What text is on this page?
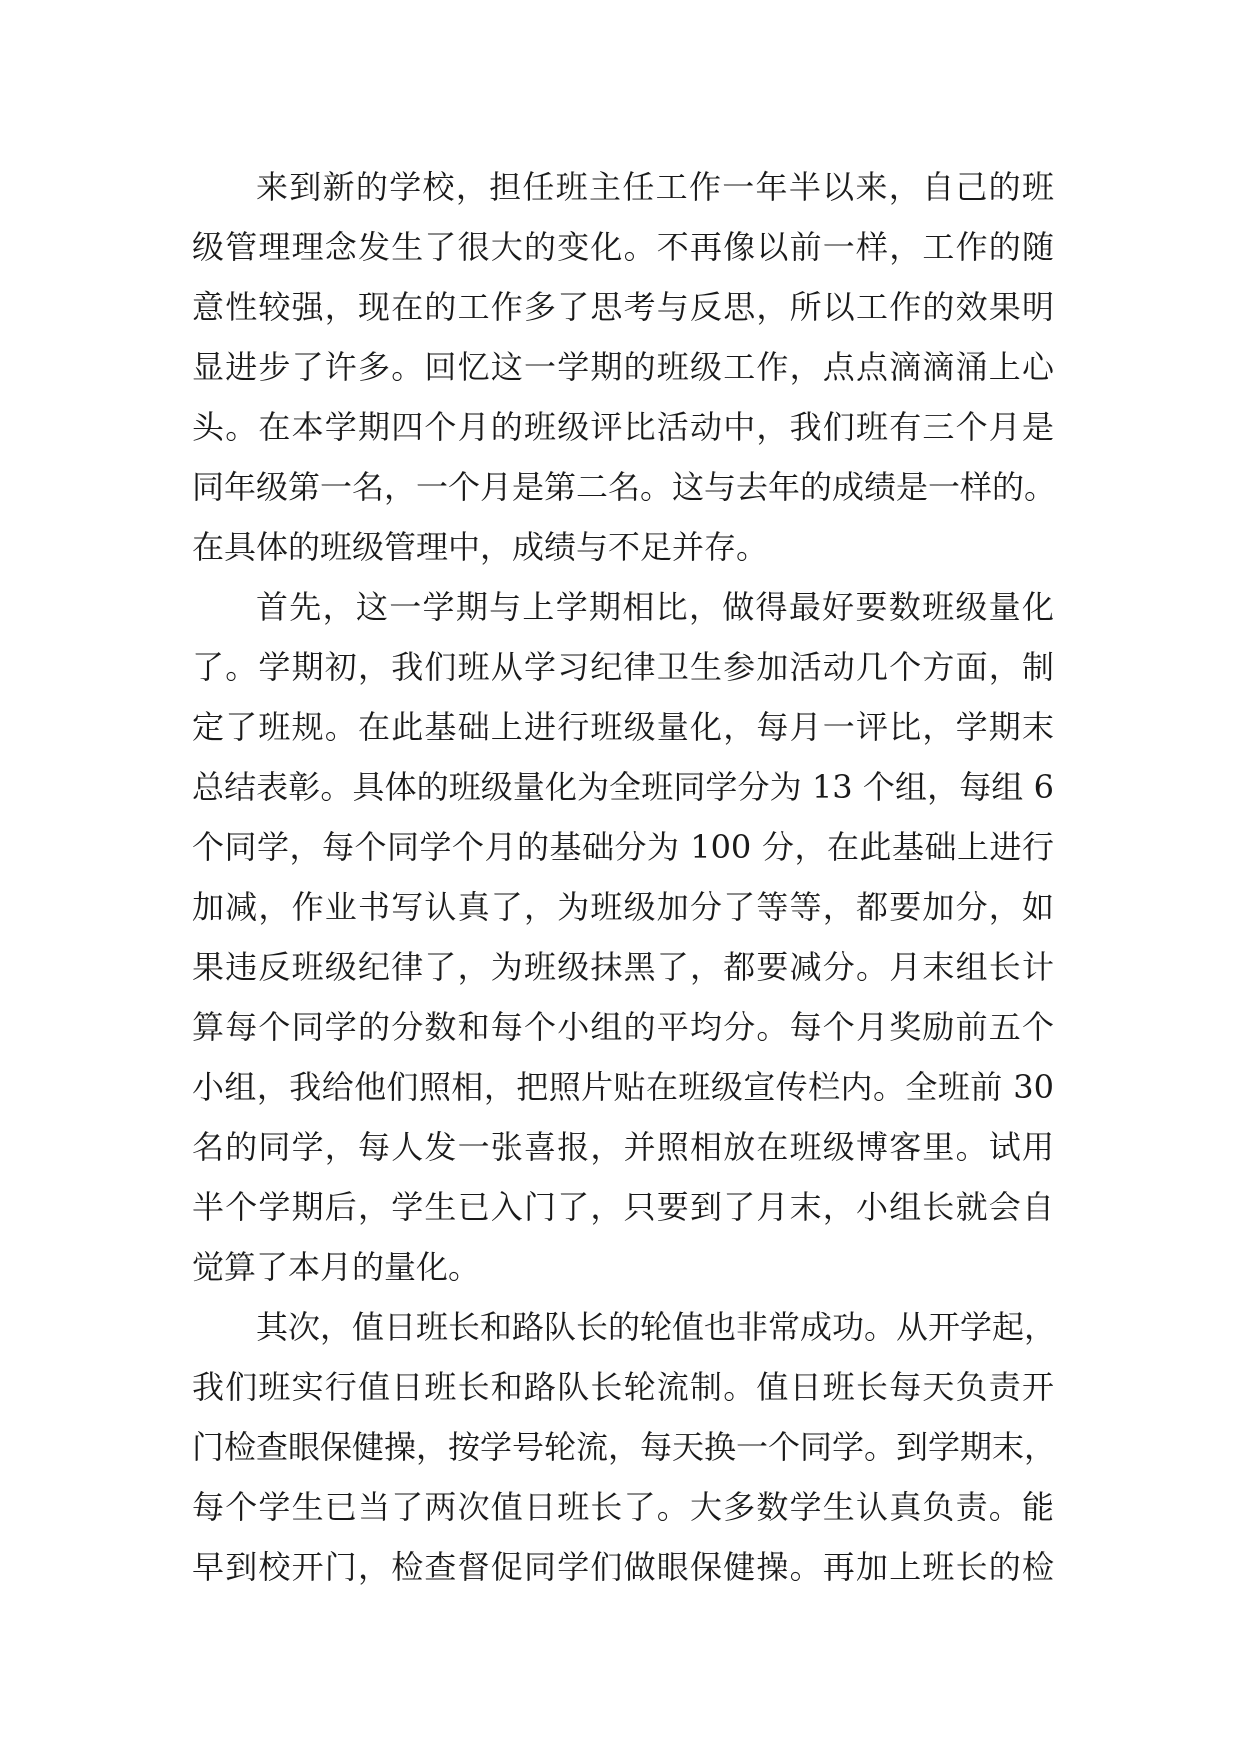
来到新的学校，担任班主任工作一年半以来，自己的班
级管理理念发生了很大的变化。不再像以前一样，工作的随
意性较强，现在的工作多了思考与反思，所以工作的效果明
显进步了许多。回忆这一学期的班级工作，点点滴滴涌上心
头。在本学期四个月的班级评比活动中，我们班有三个月是
同年级第一名，一个月是第二名。这与去年的成绩是一样的。
在具体的班级管理中，成绩与不足并存。
首先，这一学期与上学期相比，做得最好要数班级量化
了。学期初，我们班从学习纪律卫生参加活动几个方面，制
定了班规。在此基础上进行班级量化，每月一评比，学期末
总结表彰。具体的班级量化为全班同学分为 13 个组，每组 6
个同学，每个同学个月的基础分为 100 分，在此基础上进行
加减，作业书写认真了，为班级加分了等等，都要加分，如
果违反班级纪律了，为班级抹黑了，都要减分。月末组长计
算每个同学的分数和每个小组的平均分。每个月奖励前五个
小组，我给他们照相，把照片贴在班级宣传栏内。全班前 30
名的同学，每人发一张喜报，并照相放在班级博客里。试用
半个学期后，学生已入门了，只要到了月末，小组长就会自
觉算了本月的量化。
其次，值日班长和路队长的轮值也非常成功。从开学起，
我们班实行值日班长和路队长轮流制。值日班长每天负责开
门检查眼保健操，按学号轮流，每天换一个同学。到学期末，
每个学生已当了两次值日班长了。大多数学生认真负责。能
早到校开门，检查督促同学们做眼保健操。再加上班长的检
